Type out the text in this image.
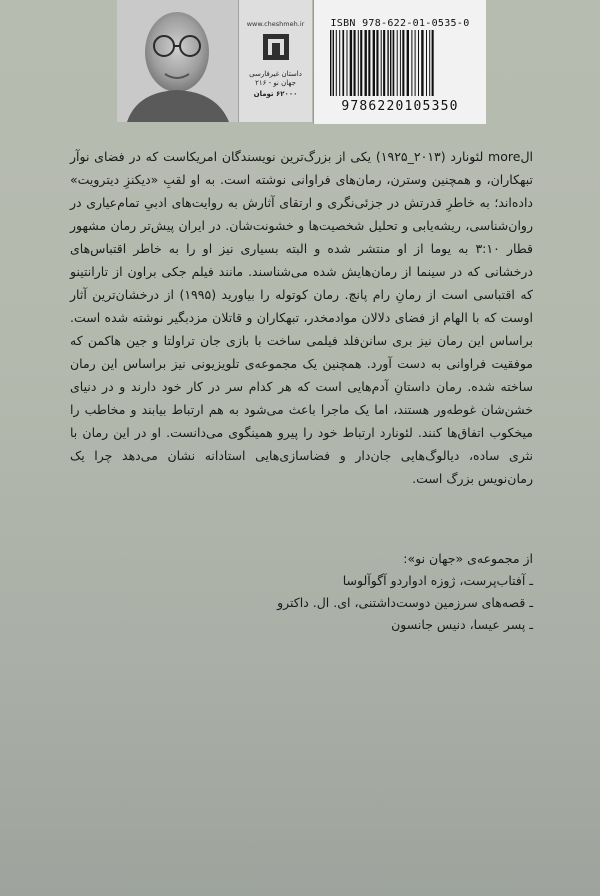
www.cheshmeh.ir
داستان غیرفارسی
جهان نو - ۲۱۶
۶۲۰۰۰ تومان
ISBN 978-622-01-0535-0
9786220105350
الmore لئونارد (۲۰۱۳_۱۹۲۵) یکی از بزرگ‌ترین نویسندگان امریکاست که در فضای نوآر تبهکاران، و همچنین وسترن، رمان‌های فراوانی نوشته است. به او لقبِ «دیکنزِ دیترویت» داده‌اند؛ به خاطرِ قدرتش در جزئی‌نگری و ارتقای آثارش به روایت‌های ادبیِ تمام‌عیاری در روان‌شناسی، ریشه‌یابی و تحلیل شخصیت‌ها و خشونت‌شان. در ایران پیش‌تر رمان مشهور قطار ۳:۱۰ به یوما از او منتشر شده و البته بسیاری نیز او را به خاطر اقتباس‌های درخشانی که در سینما از رمان‌هایش شده می‌شناسند. مانند فیلم جکی براون از تارانتینو که اقتباسی است از رمانِ رام پانچ. رمان کوتوله را بیاورید (۱۹۹۵) از درخشان‌ترین آثار اوست که با الهام از فضای دلالان موادمخدر، تبهکاران و قاتلان مزدبگیر نوشته شده است. براساس این رمان نیز بری سانن‌فلد فیلمی ساخت با بازی جان تراولتا و جین هاکمن که موفقیت فراوانی به دست آورد. همچنین یک مجموعه‌ی تلویزیونی نیز براساس این رمان ساخته شده. رمان داستانِ آدم‌هایی است که هر کدام سر در کار خود دارند و در دنیای خشن‌شان غوطه‌ور هستند، اما یک ماجرا باعث می‌شود به هم ارتباط بیابند و مخاطب را میخکوب اتفاق‌ها کنند. لئونارد ارتباط خود را پیرو همینگوی می‌دانست. او در این رمان با نثری ساده، دیالوگ‌هایی جان‌دار و فضاسازی‌هایی استادانه نشان می‌دهد چرا یک رمان‌نویس بزرگ است.
از مجموعه‌ی «جهان نو»:
ـ آفتاب‌پرست، ژوزه ادواردو آگوآلوسا
ـ قصه‌های سرزمین دوست‌داشتنی، ای. ال. داکترو
ـ پسر عیسا، دنیس جانسون
